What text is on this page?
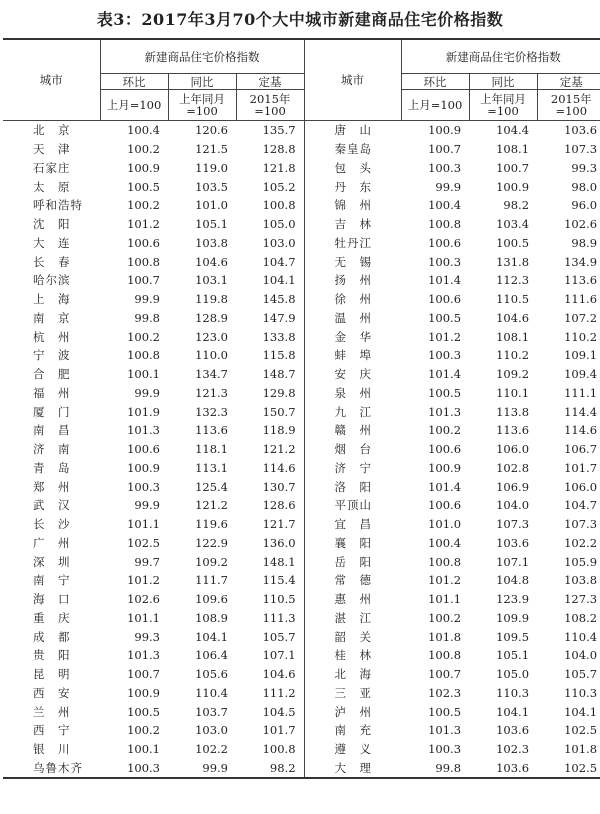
表3：2017年3月70个大中城市新建商品住宅价格指数
城市	新建商品住宅价格指数			城市	新建商品住宅价格指数		
	环比	同比	定基		环比	同比	定基
	上月=100	上年同月=100	2015年=100		上月=100	上年同月=100	2015年=100
北　京	100.4	120.6	135.7	唐　山	100.9	104.4	103.6
天　津	100.2	121.5	128.8	秦皇岛	100.7	108.1	107.3
石家庄	100.9	119.0	121.8	包　头	100.3	100.7	99.3
太　原	100.5	103.5	105.2	丹　东	99.9	100.9	98.0
呼和浩特	100.2	101.0	100.8	锦　州	100.4	98.2	96.0
沈　阳	101.2	105.1	105.0	吉　林	100.8	103.4	102.6
大　连	100.6	103.8	103.0	牡丹江	100.6	100.5	98.9
长　春	100.8	104.6	104.7	无　锡	100.3	131.8	134.9
哈尔滨	100.7	103.1	104.1	扬　州	101.4	112.3	113.6
上　海	99.9	119.8	145.8	徐　州	100.6	110.5	111.6
南　京	99.8	128.9	147.9	温　州	100.5	104.6	107.2
杭　州	100.2	123.0	133.8	金　华	101.2	108.1	110.2
宁　波	100.8	110.0	115.8	蚌　埠	100.3	110.2	109.1
合　肥	100.1	134.7	148.7	安　庆	101.4	109.2	109.4
福　州	99.9	121.3	129.8	泉　州	100.5	110.1	111.1
厦　门	101.9	132.3	150.7	九　江	101.3	113.8	114.4
南　昌	101.3	113.6	118.9	赣　州	100.2	113.6	114.6
济　南	100.6	118.1	121.2	烟　台	100.6	106.0	106.7
青　岛	100.9	113.1	114.6	济　宁	100.9	102.8	101.7
郑　州	100.3	125.4	130.7	洛　阳	101.4	106.9	106.0
武　汉	99.9	121.2	128.6	平顶山	100.6	104.0	104.7
长　沙	101.1	119.6	121.7	宜　昌	101.0	107.3	107.3
广　州	102.5	122.9	136.0	襄　阳	100.4	103.6	102.2
深　圳	99.7	109.2	148.1	岳　阳	100.8	107.1	105.9
南　宁	101.2	111.7	115.4	常　德	101.2	104.8	103.8
海　口	102.6	109.6	110.5	惠　州	101.1	123.9	127.3
重　庆	101.1	108.9	111.3	湛　江	100.2	109.9	108.2
成　都	99.3	104.1	105.7	韶　关	101.8	109.5	110.4
贵　阳	101.3	106.4	107.1	桂　林	100.8	105.1	104.0
昆　明	100.7	105.6	104.6	北　海	100.7	105.0	105.7
西　安	100.9	110.4	111.2	三　亚	102.3	110.3	110.3
兰　州	100.5	103.7	104.5	泸　州	100.5	104.1	104.1
西　宁	100.2	103.0	101.7	南　充	101.3	103.6	102.5
银　川	100.1	102.2	100.8	遵　义	100.3	102.3	101.8
乌鲁木齐	100.3	99.9	98.2	大　理	99.8	103.6	102.5
